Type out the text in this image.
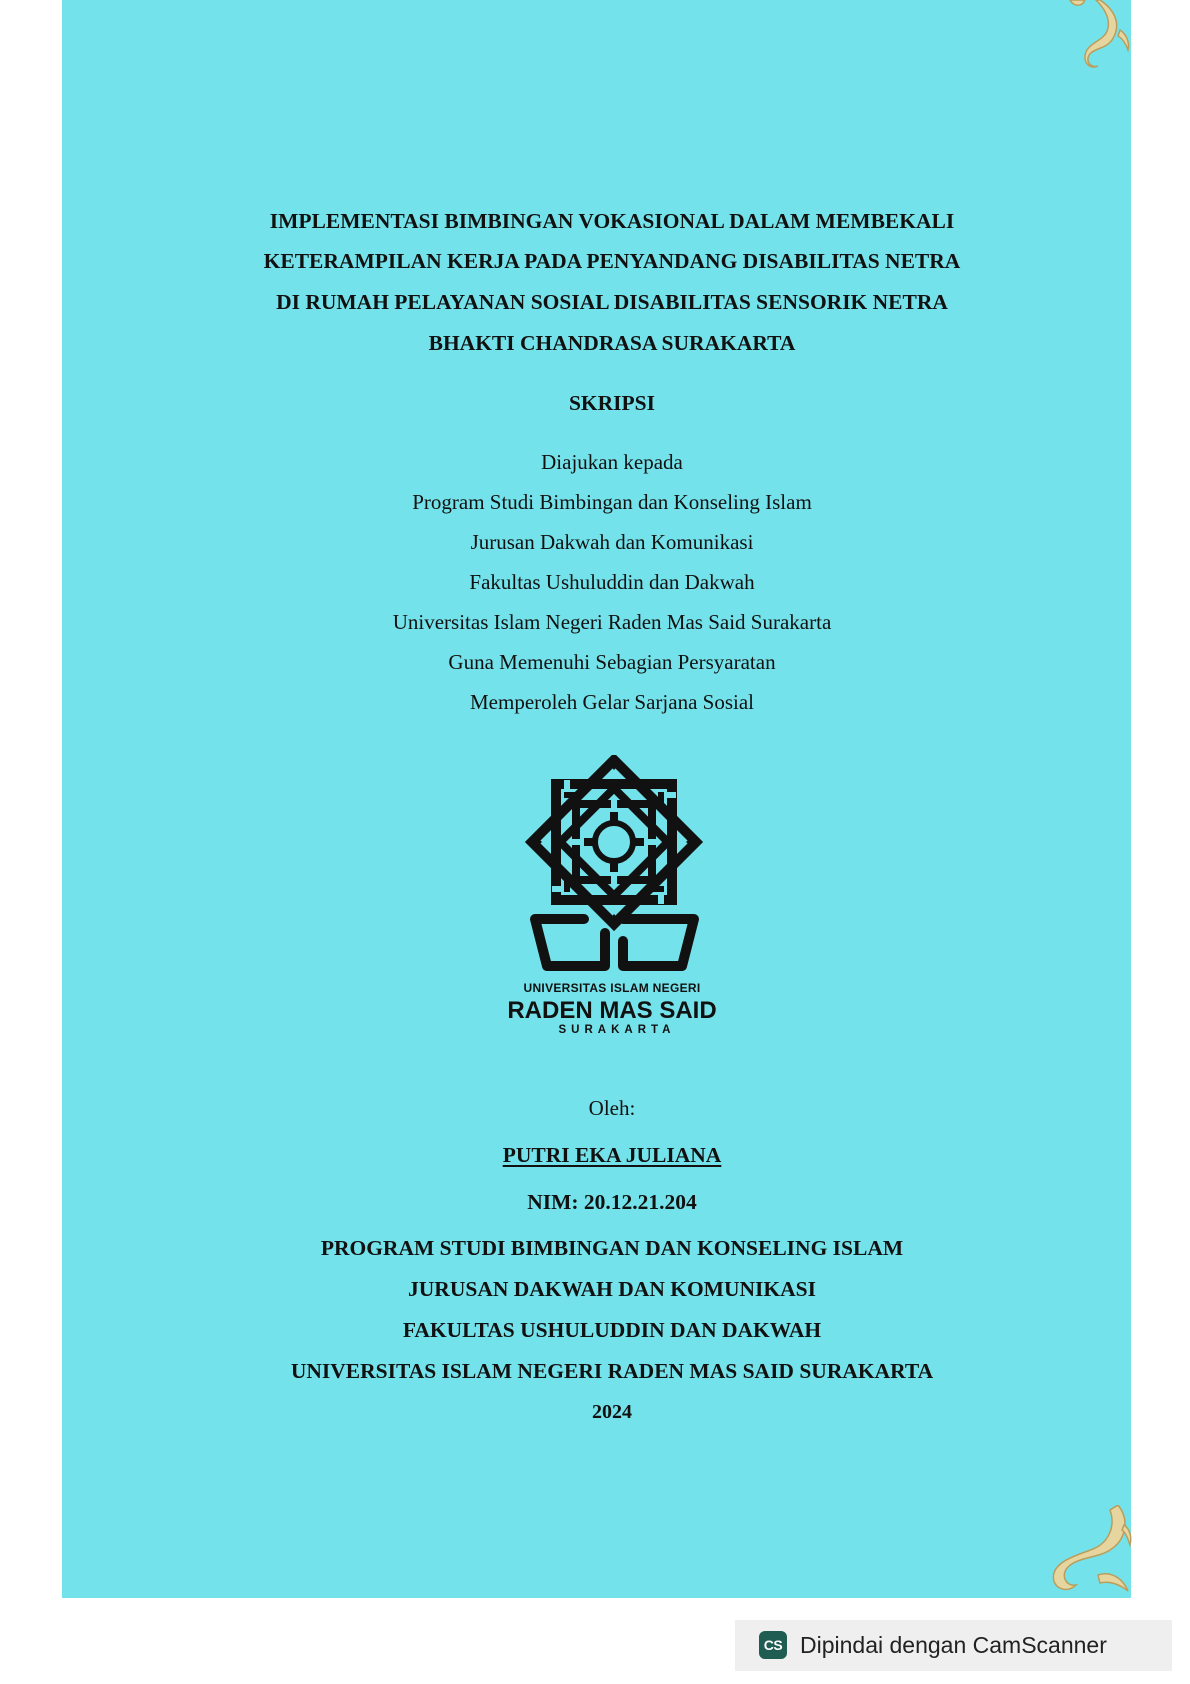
IMPLEMENTASI BIMBINGAN VOKASIONAL DALAM MEMBEKALI
KETERAMPILAN KERJA PADA PENYANDANG DISABILITAS NETRA
DI RUMAH PELAYANAN SOSIAL DISABILITAS SENSORIK NETRA
BHAKTI CHANDRASA SURAKARTA
SKRIPSI
Diajukan kepada
Program Studi Bimbingan dan Konseling Islam
Jurusan Dakwah dan Komunikasi
Fakultas Ushuluddin dan Dakwah
Universitas Islam Negeri Raden Mas Said Surakarta
Guna Memenuhi Sebagian Persyaratan
Memperoleh Gelar Sarjana Sosial
UNIVERSITAS ISLAM NEGERI
RADEN MAS SAID
SURAKARTA
Oleh:
PUTRI EKA JULIANA
NIM: 20.12.21.204
PROGRAM STUDI BIMBINGAN DAN KONSELING ISLAM
JURUSAN DAKWAH DAN KOMUNIKASI
FAKULTAS USHULUDDIN DAN DAKWAH
UNIVERSITAS ISLAM NEGERI RADEN MAS SAID SURAKARTA
2024
CS Dipindai dengan CamScanner
